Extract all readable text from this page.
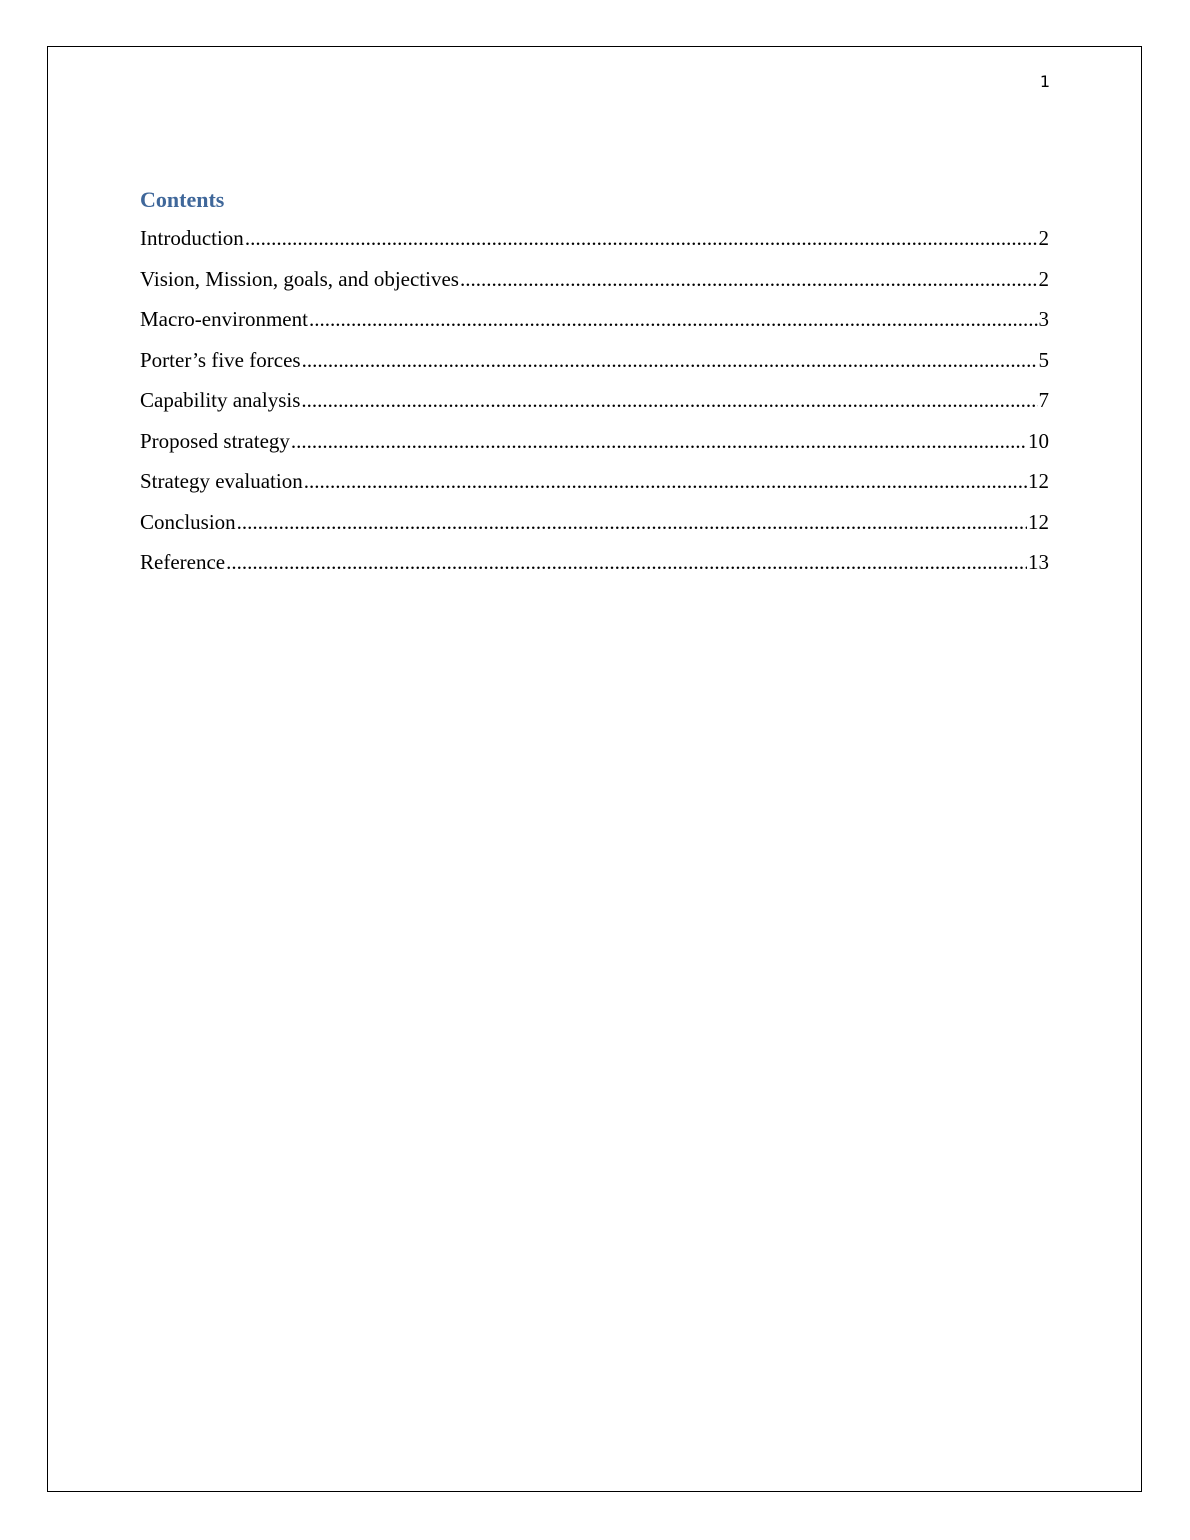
1
Contents
Introduction .....	2
Vision, Mission, goals, and objectives .....	2
Macro-environment .....	3
Porter’s five forces .....	5
Capability analysis .....	7
Proposed strategy .....	10
Strategy evaluation .....	12
Conclusion .....	12
Reference .....	13
